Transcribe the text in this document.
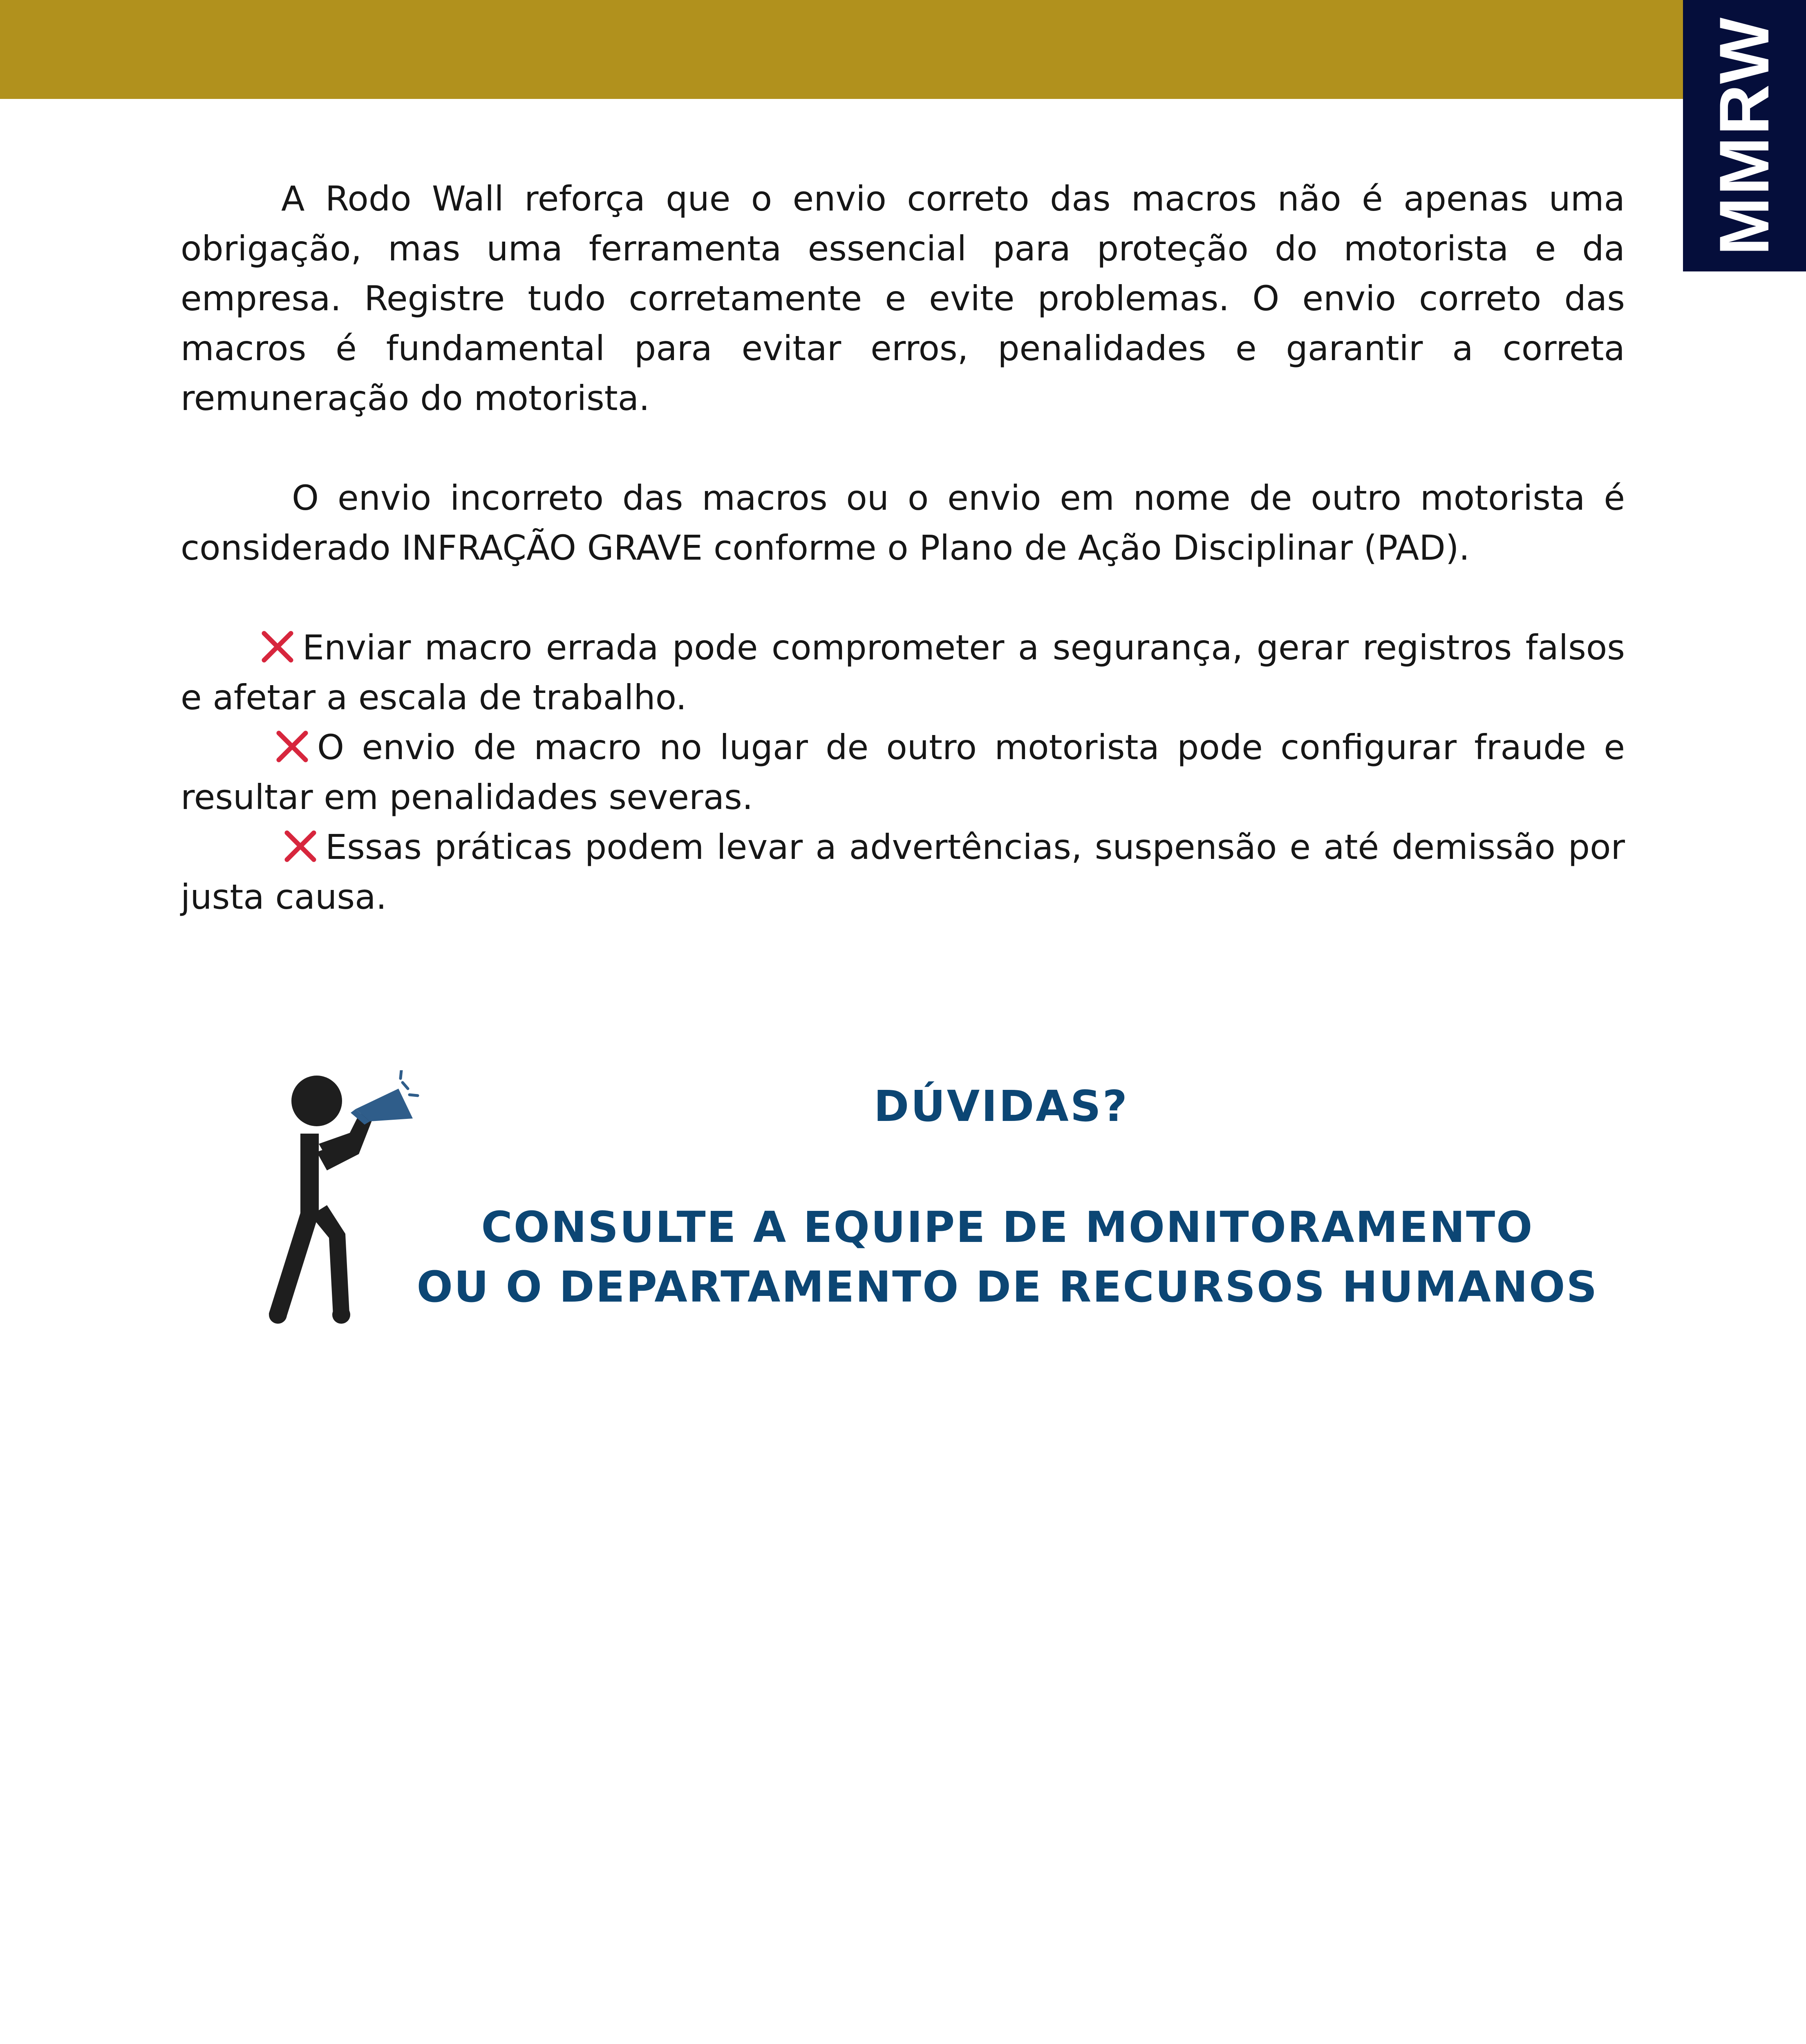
MMRW

A Rodo Wall reforça que o envio correto das macros não é apenas uma obrigação, mas uma ferramenta essencial para proteção do motorista e da empresa. Registre tudo corretamente e evite problemas. O envio correto das macros é fundamental para evitar erros, penalidades e garantir a correta remuneração do motorista.

O envio incorreto das macros ou o envio em nome de outro motorista é considerado INFRAÇÃO GRAVE conforme o Plano de Ação Disciplinar (PAD).

Enviar macro errada pode comprometer a segurança, gerar registros falsos e afetar a escala de trabalho.

O envio de macro no lugar de outro motorista pode configurar fraude e resultar em penalidades severas.

Essas práticas podem levar a advertências, suspensão e até demissão por justa causa.

DÚVIDAS?
CONSULTE A EQUIPE DE MONITORAMENTO
OU O DEPARTAMENTO DE RECURSOS HUMANOS
